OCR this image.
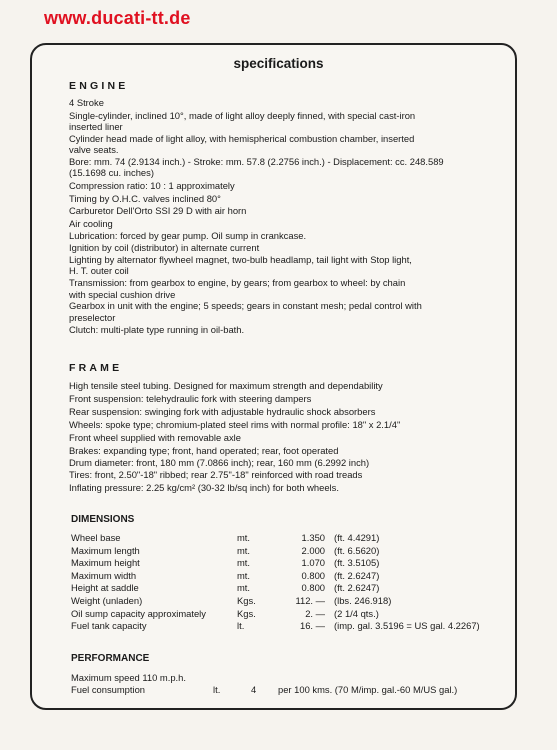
www.ducati-tt.de
specifications
ENGINE
4 Stroke
Single-cylinder, inclined 10°, made of light alloy deeply finned, with special cast-iron
inserted liner
Cylinder head made of light alloy, with hemispherical combustion chamber, inserted
valve seats.
Bore: mm. 74 (2.9134 inch.) - Stroke: mm. 57.8 (2.2756 inch.) - Displacement: cc. 248.589
(15.1698 cu. inches)
Compression ratio: 10 : 1 approximately
Timing by O.H.C. valves inclined 80°
Carburetor Dell'Orto SSI 29 D with air horn
Air cooling
Lubrication: forced by gear pump. Oil sump in crankcase.
Ignition by coil (distributor) in alternate current
Lighting by alternator flywheel magnet, two-bulb headlamp, tail light with Stop light,
H. T. outer coil
Transmission: from gearbox to engine, by gears; from gearbox to wheel: by chain
with special cushion drive
Gearbox in unit with the engine; 5 speeds; gears in constant mesh; pedal control with
preselector
Clutch: multi-plate type running in oil-bath.
FRAME
High tensile steel tubing. Designed for maximum strength and dependability
Front suspension: telehydraulic fork with steering dampers
Rear suspension: swinging fork with adjustable hydraulic shock absorbers
Wheels: spoke type; chromium-plated steel rims with normal profile: 18" x 2.1/4"
Front wheel supplied with removable axle
Brakes: expanding type; front, hand operated; rear, foot operated
Drum diameter: front, 180 mm (7.0866 inch); rear, 160 mm (6.2992 inch)
Tires: front, 2.50"-18" ribbed; rear 2.75"-18" reinforced with road treads
Inflating pressure: 2.25 kg/cm² (30-32 lb/sq inch) for both wheels.
DIMENSIONS
Wheel base	mt.	1.350 (ft. 4.4291)
Maximum length	mt.	2.000 (ft. 6.5620)
Maximum height	mt.	1.070 (ft. 3.5105)
Maximum width	mt.	0.800 (ft. 2.6247)
Height at saddle	mt.	0.800 (ft. 2.6247)
Weight (unladen)	Kgs.	112. — (lbs. 246.918)
Oil sump capacity approximately	Kgs.	2. — (2 1/4 qts.)
Fuel tank capacity	lt.	16. — (imp. gal. 3.5196 = US gal. 4.2267)
PERFORMANCE
Maximum speed 110 m.p.h.
Fuel consumption	lt.	4 per 100 kms. (70 M/imp. gal.-60 M/US gal.)
